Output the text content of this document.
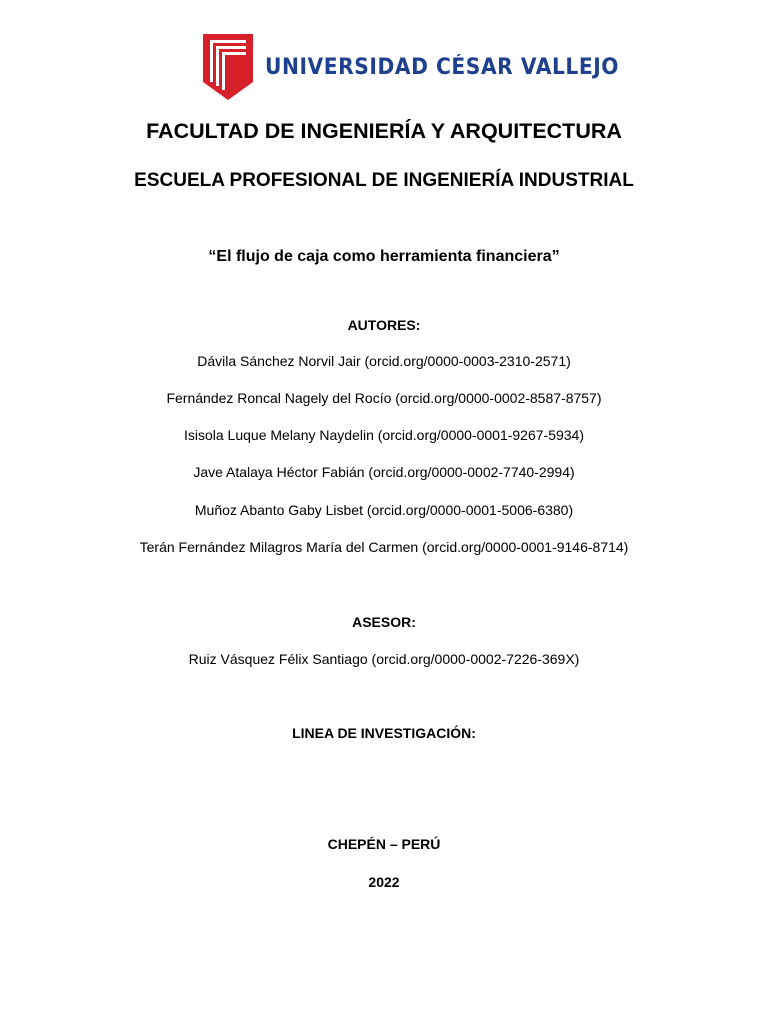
UNIVERSIDAD CÉSAR VALLEJO
FACULTAD DE INGENIERÍA Y ARQUITECTURA
ESCUELA PROFESIONAL DE INGENIERÍA INDUSTRIAL
“El flujo de caja como herramienta financiera”
AUTORES:
Dávila Sánchez Norvil Jair (orcid.org/0000-0003-2310-2571)
Fernández Roncal Nagely del Rocío (orcid.org/0000-0002-8587-8757)
Isisola Luque Melany Naydelin (orcid.org/0000-0001-9267-5934)
Jave Atalaya Héctor Fabián (orcid.org/0000-0002-7740-2994)
Muñoz Abanto Gaby Lisbet (orcid.org/0000-0001-5006-6380)
Terán Fernández Milagros María del Carmen (orcid.org/0000-0001-9146-8714)
ASESOR:
Ruiz Vásquez Félix Santiago (orcid.org/0000-0002-7226-369X)
LINEA DE INVESTIGACIÓN:
CHEPÉN – PERÚ
2022
